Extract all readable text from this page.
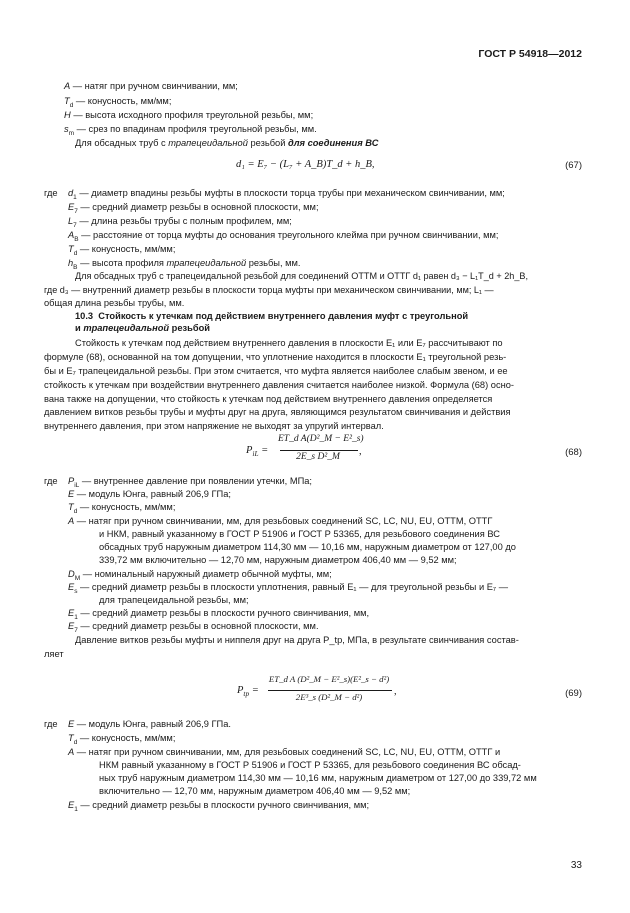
ГОСТ Р 54918—2012
A — натяг при ручном свинчивании, мм;
$T_d$ — конусность, мм/мм;
H — высота исходного профиля треугольной резьбы, мм;
$s_m$ — срез по впадинам профиля треугольной резьбы, мм.
Для обсадных труб с трапецеидальной резьбой для соединения ВС
d₁ = E₇ − (L₇ + A_B)T_d + h_B,	(67)
где $d_1$ — диаметр впадины резьбы муфты в плоскости торца трубы при механическом свинчивании, мм;
$E_7$ — средний диаметр резьбы в основной плоскости, мм;
$L_7$ — длина резьбы трубы с полным профилем, мм;
$A_B$ — расстояние от торца муфты до основания треугольного клейма при ручном свинчивании, мм;
$T_d$ — конусность, мм/мм;
$h_B$ — высота профиля трапецеидальной резьбы, мм.
Для обсадных труб с трапецеидальной резьбой для соединений ОТТМ и ОТТГ d₁ равен d₃ − L₁T_d + 2h_B,
где d₃ — внутренний диаметр резьбы в плоскости торца муфты при механическом свинчивании, мм; L₁ —
общая длина резьбы трубы, мм.
10.3 Стойкость к утечкам под действием внутреннего давления муфт с треугольной
и трапецеидальной резьбой
Стойкость к утечкам под действием внутреннего давления в плоскости E₁ или E₇ рассчитывают по
формуле (68), основанной на том допущении, что уплотнение находится в плоскости E₁ треугольной резь-
бы и E₇ трапецеидальной резьбы. При этом считается, что муфта является наиболее слабым звеном, и ее
стойкость к утечкам при воздействии внутреннего давления считается наиболее низкой. Формула (68) осно-
вана также на допущении, что стойкость к утечкам под действием внутреннего давления определяется
давлением витков резьбы трубы и муфты друг на друга, являющимся результатом свинчивания и действия
внутреннего давления, при этом напряжение не выходят за упругий интервал.
$P_{iL}$ =
ET_d A(D²_M − E²_s)
2E_s D²_M	,	(68)
где $P_{iL}$ — внутреннее давление при появлении утечки, МПа;
E — модуль Юнга, равный 206,9 ГПа;
$T_d$ — конусность, мм/мм;
A — натяг при ручном свинчивании, мм, для резьбовых соединений SC, LC, NU, EU, ОТТМ, ОТТГ
и НКМ, равный указанному в ГОСТ Р 51906 и ГОСТ Р 53365, для резьбового соединения ВС
обсадных труб наружным диаметром 114,30 мм — 10,16 мм, наружным диаметром от 127,00 до
339,72 мм включительно — 12,70 мм, наружным диаметром 406,40 мм — 9,52 мм;
$D_M$ — номинальный наружный диаметр обычной муфты, мм;
$E_s$ — средний диаметр резьбы в плоскости уплотнения, равный E₁ — для треугольной резьбы и E₇ —
для трапецеидальной резьбы, мм;
$E_1$ — средний диаметр резьбы в плоскости ручного свинчивания, мм,
$E_7$ — средний диаметр резьбы в основной плоскости, мм.
Давление витков резьбы муфты и ниппеля друг на друга P_tp, МПа, в результате свинчивания состав-
ляет
$P_{tp}$ =
ET_d A (D²_M − E²_s)(E²_s − d²)
2E³_s (D²_M − d²)	,	(69)
где E — модуль Юнга, равный 206,9 ГПа.
$T_d$ — конусность, мм/мм;
A — натяг при ручном свинчивании, мм, для резьбовых соединений SC, LC, NU, EU, ОТТМ, ОТТГ и
НКМ равный указанному в ГОСТ Р 51906 и ГОСТ Р 53365, для резьбового соединения ВС обсад-
ных труб наружным диаметром 114,30 мм — 10,16 мм, наружным диаметром от 127,00 до 339,72 мм
включительно — 12,70 мм, наружным диаметром 406,40 мм — 9,52 мм;
$E_1$ — средний диаметр резьбы в плоскости ручного свинчивания, мм;
33
